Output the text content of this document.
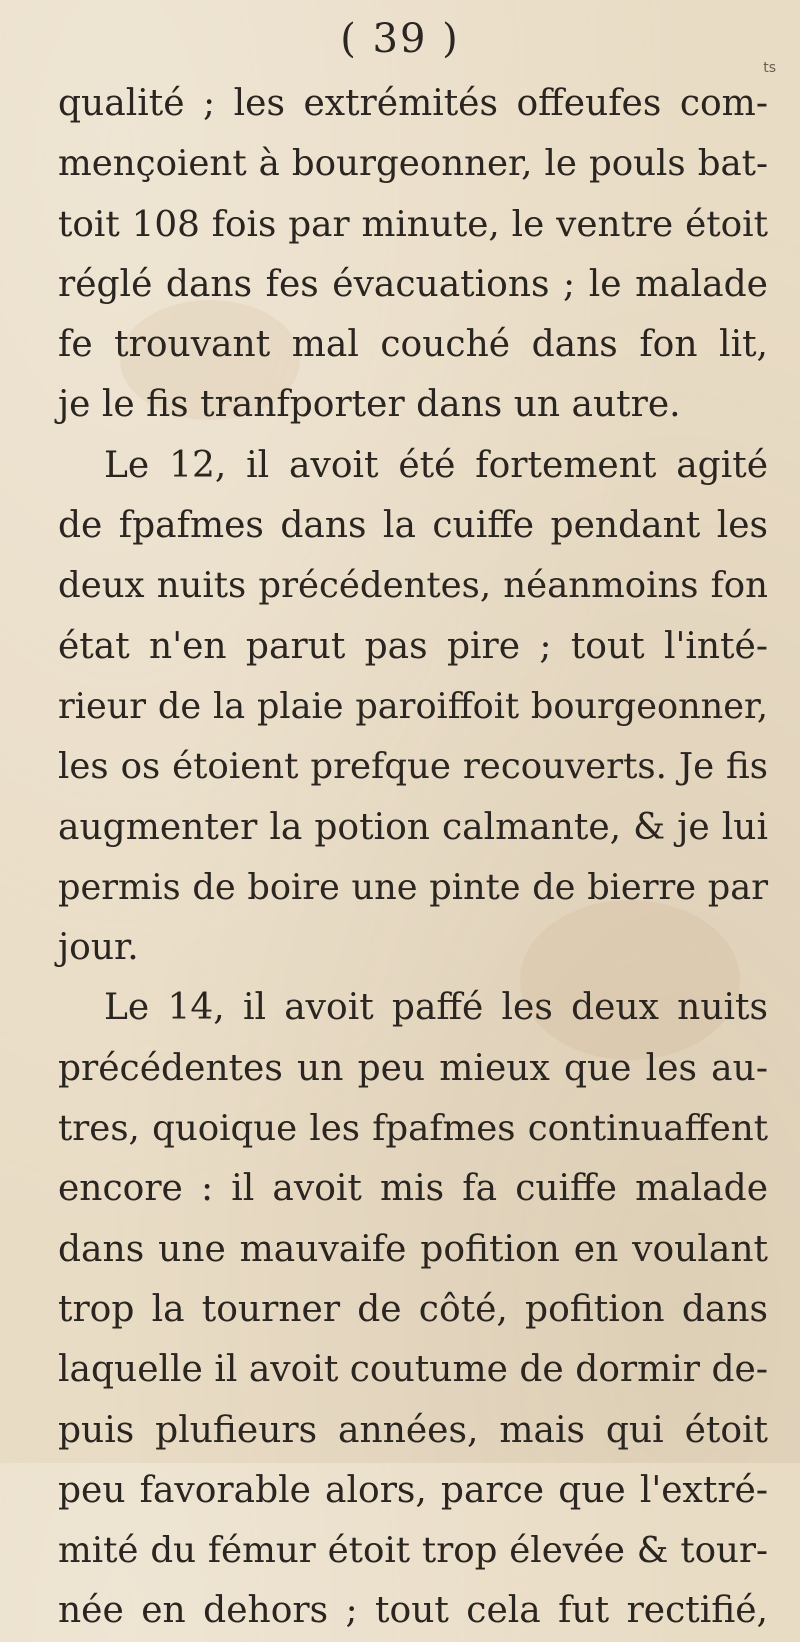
( 39 )
ts
qualité ; les extrémités offeufes com-
mençoient à bourgeonner, le pouls bat-
toit 108 fois par minute, le ventre étoit
réglé dans fes évacuations ; le malade
fe trouvant mal couché dans fon lit,
je le fis tranfporter dans un autre.
Le 12, il avoit été fortement agité
de fpafmes dans la cuiffe pendant les
deux nuits précédentes, néanmoins fon
état n'en parut pas pire ; tout l'inté-
rieur de la plaie paroiffoit bourgeonner,
les os étoient prefque recouverts. Je fis
augmenter la potion calmante, & je lui
permis de boire une pinte de bierre par
jour.
Le 14, il avoit paffé les deux nuits
précédentes un peu mieux que les au-
tres, quoique les fpafmes continuaffent
encore : il avoit mis fa cuiffe malade
dans une mauvaife pofition en voulant
trop la tourner de côté, pofition dans
laquelle il avoit coutume de dormir de-
puis plufieurs années, mais qui étoit
peu favorable alors, parce que l'extré-
mité du fémur étoit trop élevée & tour-
née en dehors ; tout cela fut rectifié,
